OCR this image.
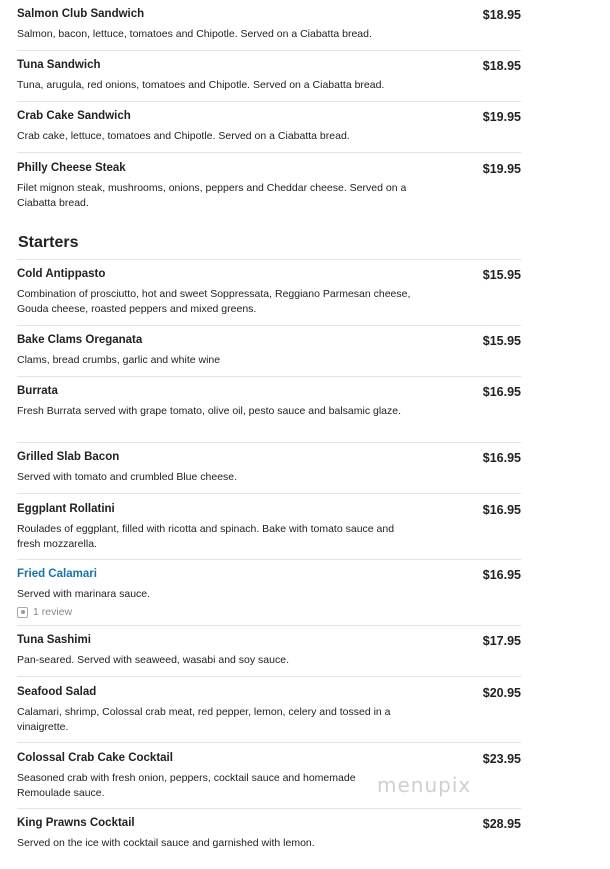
Salmon Club Sandwich	$18.95
Salmon, bacon, lettuce, tomatoes and Chipotle. Served on a Ciabatta bread.
Tuna Sandwich	$18.95
Tuna, arugula, red onions, tomatoes and Chipotle. Served on a Ciabatta bread.
Crab Cake Sandwich	$19.95
Crab cake, lettuce, tomatoes and Chipotle. Served on a Ciabatta bread.
Philly Cheese Steak	$19.95
Filet mignon steak, mushrooms, onions, peppers and Cheddar cheese. Served on a Ciabatta bread.
Starters
Cold Antippasto	$15.95
Combination of prosciutto, hot and sweet Soppressata, Reggiano Parmesan cheese, Gouda cheese, roasted peppers and mixed greens.
Bake Clams Oreganata	$15.95
Clams, bread crumbs, garlic and white wine
Burrata	$16.95
Fresh Burrata served with grape tomato, olive oil, pesto sauce and balsamic glaze.
Grilled Slab Bacon	$16.95
Served with tomato and crumbled Blue cheese.
Eggplant Rollatini	$16.95
Roulades of eggplant, filled with ricotta and spinach. Bake with tomato sauce and fresh mozzarella.
Fried Calamari	$16.95
Served with marinara sauce.
1 review
Tuna Sashimi	$17.95
Pan-seared. Served with seaweed, wasabi and soy sauce.
Seafood Salad	$20.95
Calamari, shrimp, Colossal crab meat, red pepper, lemon, celery and tossed in a vinaigrette.
Colossal Crab Cake Cocktail	$23.95
Seasoned crab with fresh onion, peppers, cocktail sauce and homemade Remoulade sauce.
King Prawns Cocktail	$28.95
Served on the ice with cocktail sauce and garnished with lemon.
menupix
